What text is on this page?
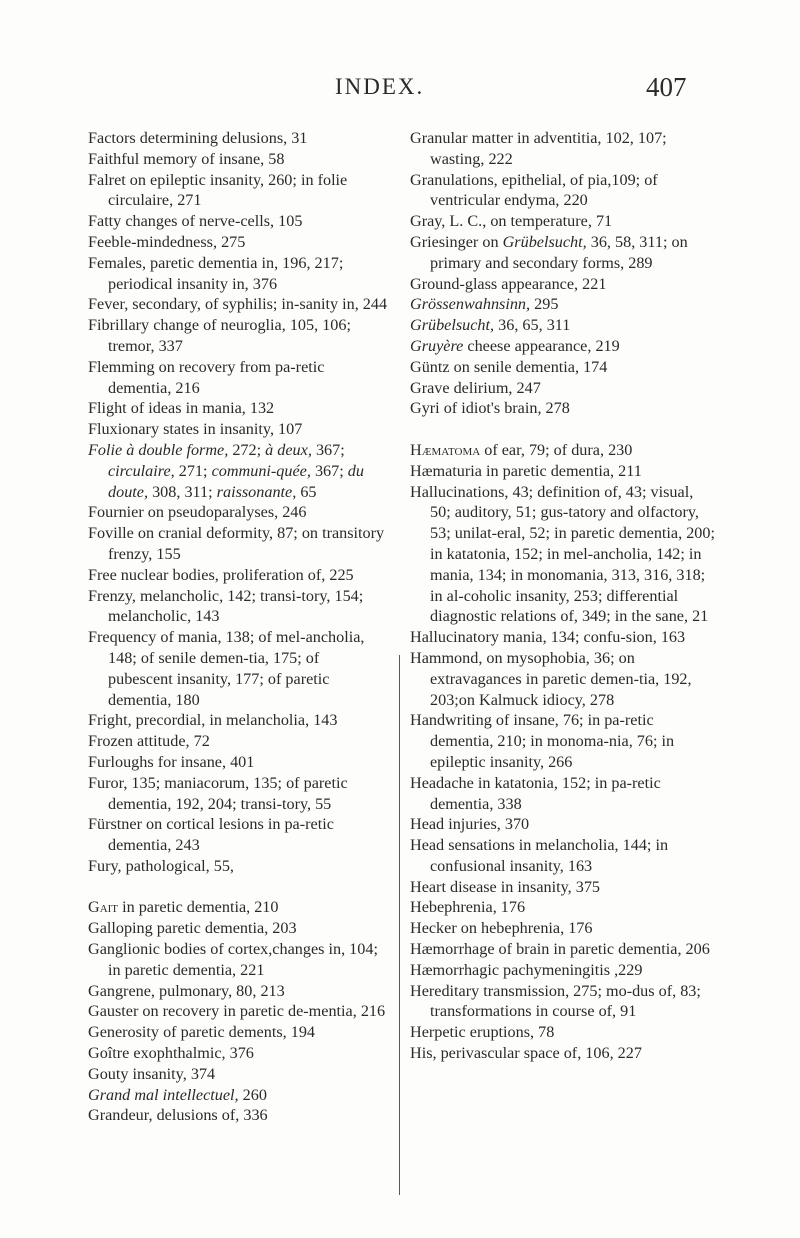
INDEX.	407

Factors determining delusions, 31

Faithful memory of insane, 58

Falret on epileptic insanity, 260; in folie circulaire, 271

Fatty changes of nerve-cells, 105

Feeble-mindedness, 275

Females, paretic dementia in, 196, 217; periodical insanity in, 376

Fever, secondary, of syphilis; in-sanity in, 244

Fibrillary change of neuroglia, 105, 106; tremor, 337

Flemming on recovery from pa-retic dementia, 216

Flight of ideas in mania, 132

Fluxionary states in insanity, 107

Folie à double forme, 272; à deux, 367; circulaire, 271; communi-quée, 367; du doute, 308, 311; raissonante, 65

Fournier on pseudoparalyses, 246

Foville on cranial deformity, 87; on transitory frenzy, 155

Free nuclear bodies, proliferation of, 225

Frenzy, melancholic, 142; transi-tory, 154; melancholic, 143

Frequency of mania, 138; of mel-ancholia, 148; of senile demen-tia, 175; of pubescent insanity, 177; of paretic dementia, 180

Fright, precordial, in melancholia, 143

Frozen attitude, 72

Furloughs for insane, 401

Furor, 135; maniacorum, 135; of paretic dementia, 192, 204; transi-tory, 55

Fürstner on cortical lesions in pa-retic dementia, 243

Fury, pathological, 55,

Gait in paretic dementia, 210

Galloping paretic dementia, 203

Ganglionic bodies of cortex,changes in, 104; in paretic dementia, 221

Gangrene, pulmonary, 80, 213

Gauster on recovery in paretic de-mentia, 216

Generosity of paretic dements, 194

Goître exophthalmic, 376

Gouty insanity, 374

Grand mal intellectuel, 260

Grandeur, delusions of, 336

Granular matter in adventitia, 102, 107; wasting, 222

Granulations, epithelial, of pia,109; of ventricular endyma, 220

Gray, L. C., on temperature, 71

Griesinger on Grübelsucht, 36, 58, 311; on primary and secondary forms, 289

Ground-glass appearance, 221

Grössenwahnsinn, 295

Grübelsucht, 36, 65, 311

Gruyère cheese appearance, 219

Güntz on senile dementia, 174

Grave delirium, 247

Gyri of idiot's brain, 278

Hæmatoma of ear, 79; of dura, 230

Hæmaturia in paretic dementia, 211

Hallucinations, 43; definition of, 43; visual, 50; auditory, 51; gus-tatory and olfactory, 53; unilat-eral, 52; in paretic dementia, 200; in katatonia, 152; in mel-ancholia, 142; in mania, 134; in monomania, 313, 316, 318; in al-coholic insanity, 253; differential diagnostic relations of, 349; in the sane, 21

Hallucinatory mania, 134; confu-sion, 163

Hammond, on mysophobia, 36; on extravagances in paretic demen-tia, 192, 203;on Kalmuck idiocy, 278

Handwriting of insane, 76; in pa-retic dementia, 210; in monoma-nia, 76; in epileptic insanity, 266

Headache in katatonia, 152; in pa-retic dementia, 338

Head injuries, 370

Head sensations in melancholia, 144; in confusional insanity, 163

Heart disease in insanity, 375

Hebephrenia, 176

Hecker on hebephrenia, 176

Hæmorrhage of brain in paretic dementia, 206

Hæmorrhagic pachymeningitis ,229

Hereditary transmission, 275; mo-dus of, 83; transformations in course of, 91

Herpetic eruptions, 78

His, perivascular space of, 106, 227
